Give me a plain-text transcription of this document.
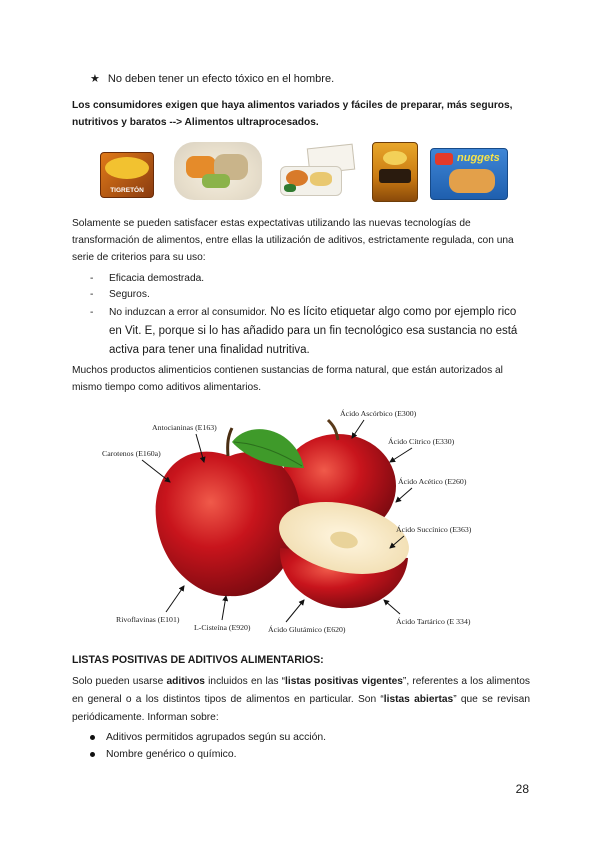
★ No deben tener un efecto tóxico en el hombre.
Los consumidores exigen que haya alimentos variados y fáciles de preparar, más seguros, nutritivos y baratos --> Alimentos ultraprocesados.
TIGRETÓN
nuggets
Solamente se pueden satisfacer estas expectativas utilizando las nuevas tecnologías de transformación de alimentos, entre ellas la utilización de aditivos, estrictamente regulada, con una serie de criterios para su uso:
- Eficacia demostrada.
- Seguros.
- No induzcan a error al consumidor. No es lícito etiquetar algo como por ejemplo rico en Vit. E, porque si lo has añadido para un fin tecnológico esa sustancia no está activa para tener una finalidad nutritiva.
Muchos productos alimenticios contienen sustancias de forma natural, que están autorizados al mismo tiempo como aditivos alimentarios.
Antocianinas (E163)
Carotenos (E160a)
Ácido Ascórbico (E300)
Ácido Cítrico (E330)
Ácido Acético (E260)
Ácido Succínico (E363)
Rivoflavinas (E101)
L-Cisteína (E920) Ácido Glutámico (E620)
Ácido Tartárico (E 334)
LISTAS POSITIVAS DE ADITIVOS ALIMENTARIOS:
Solo pueden usarse aditivos incluidos en las “listas positivas vigentes”, referentes a los alimentos en general o a los distintos tipos de alimentos en particular. Son “listas abiertas” que se revisan periódicamente. Informan sobre:
Aditivos permitidos agrupados según su acción.
Nombre genérico o químico.
28
